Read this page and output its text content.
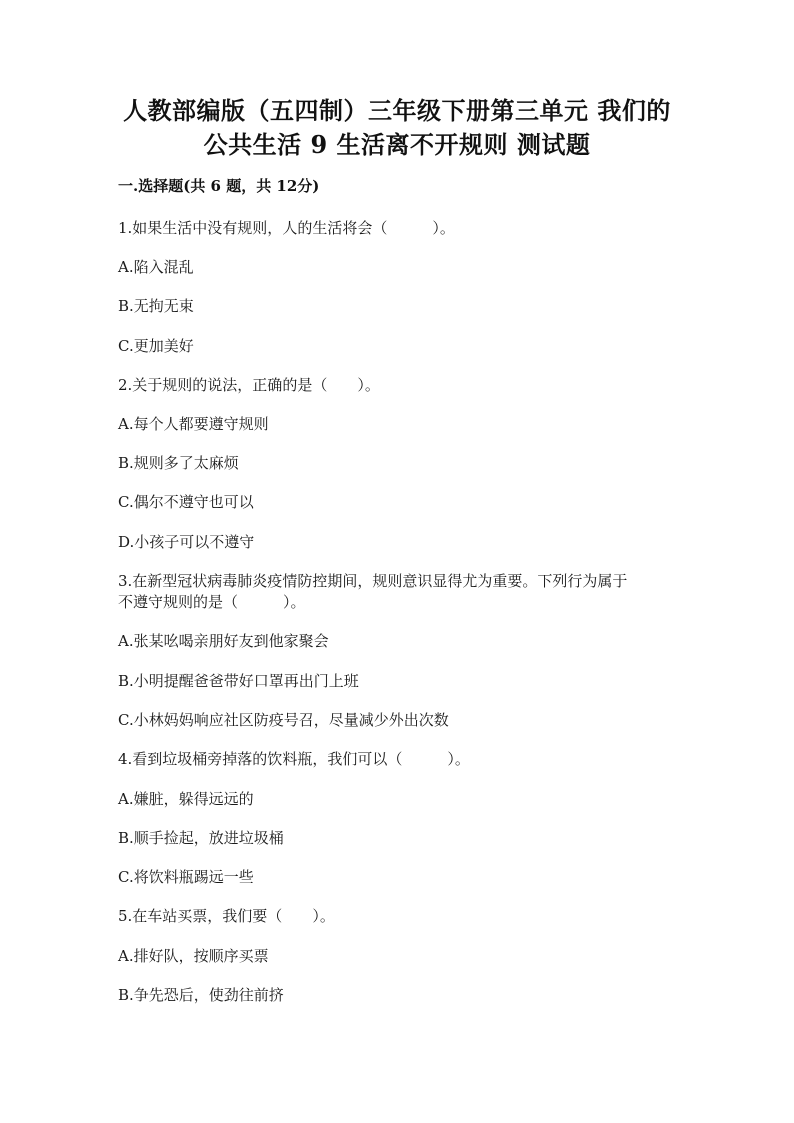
人教部编版（五四制）三年级下册第三单元 我们的
公共生活 9 生活离不开规则 测试题
一.选择题(共 6 题，共 12分)
1.如果生活中没有规则，人的生活将会（　　　）。
A.陷入混乱
B.无拘无束
C.更加美好
2.关于规则的说法，正确的是（　　）。
A.每个人都要遵守规则
B.规则多了太麻烦
C.偶尔不遵守也可以
D.小孩子可以不遵守
3.在新型冠状病毒肺炎疫情防控期间，规则意识显得尤为重要。下列行为属于
不遵守规则的是（　　　）。
A.张某吆喝亲朋好友到他家聚会
B.小明提醒爸爸带好口罩再出门上班
C.小林妈妈响应社区防疫号召，尽量减少外出次数
4.看到垃圾桶旁掉落的饮料瓶，我们可以（　　　）。
A.嫌脏，躲得远远的
B.顺手捡起，放进垃圾桶
C.将饮料瓶踢远一些
5.在车站买票，我们要（　　）。
A.排好队，按顺序买票
B.争先恐后，使劲往前挤
